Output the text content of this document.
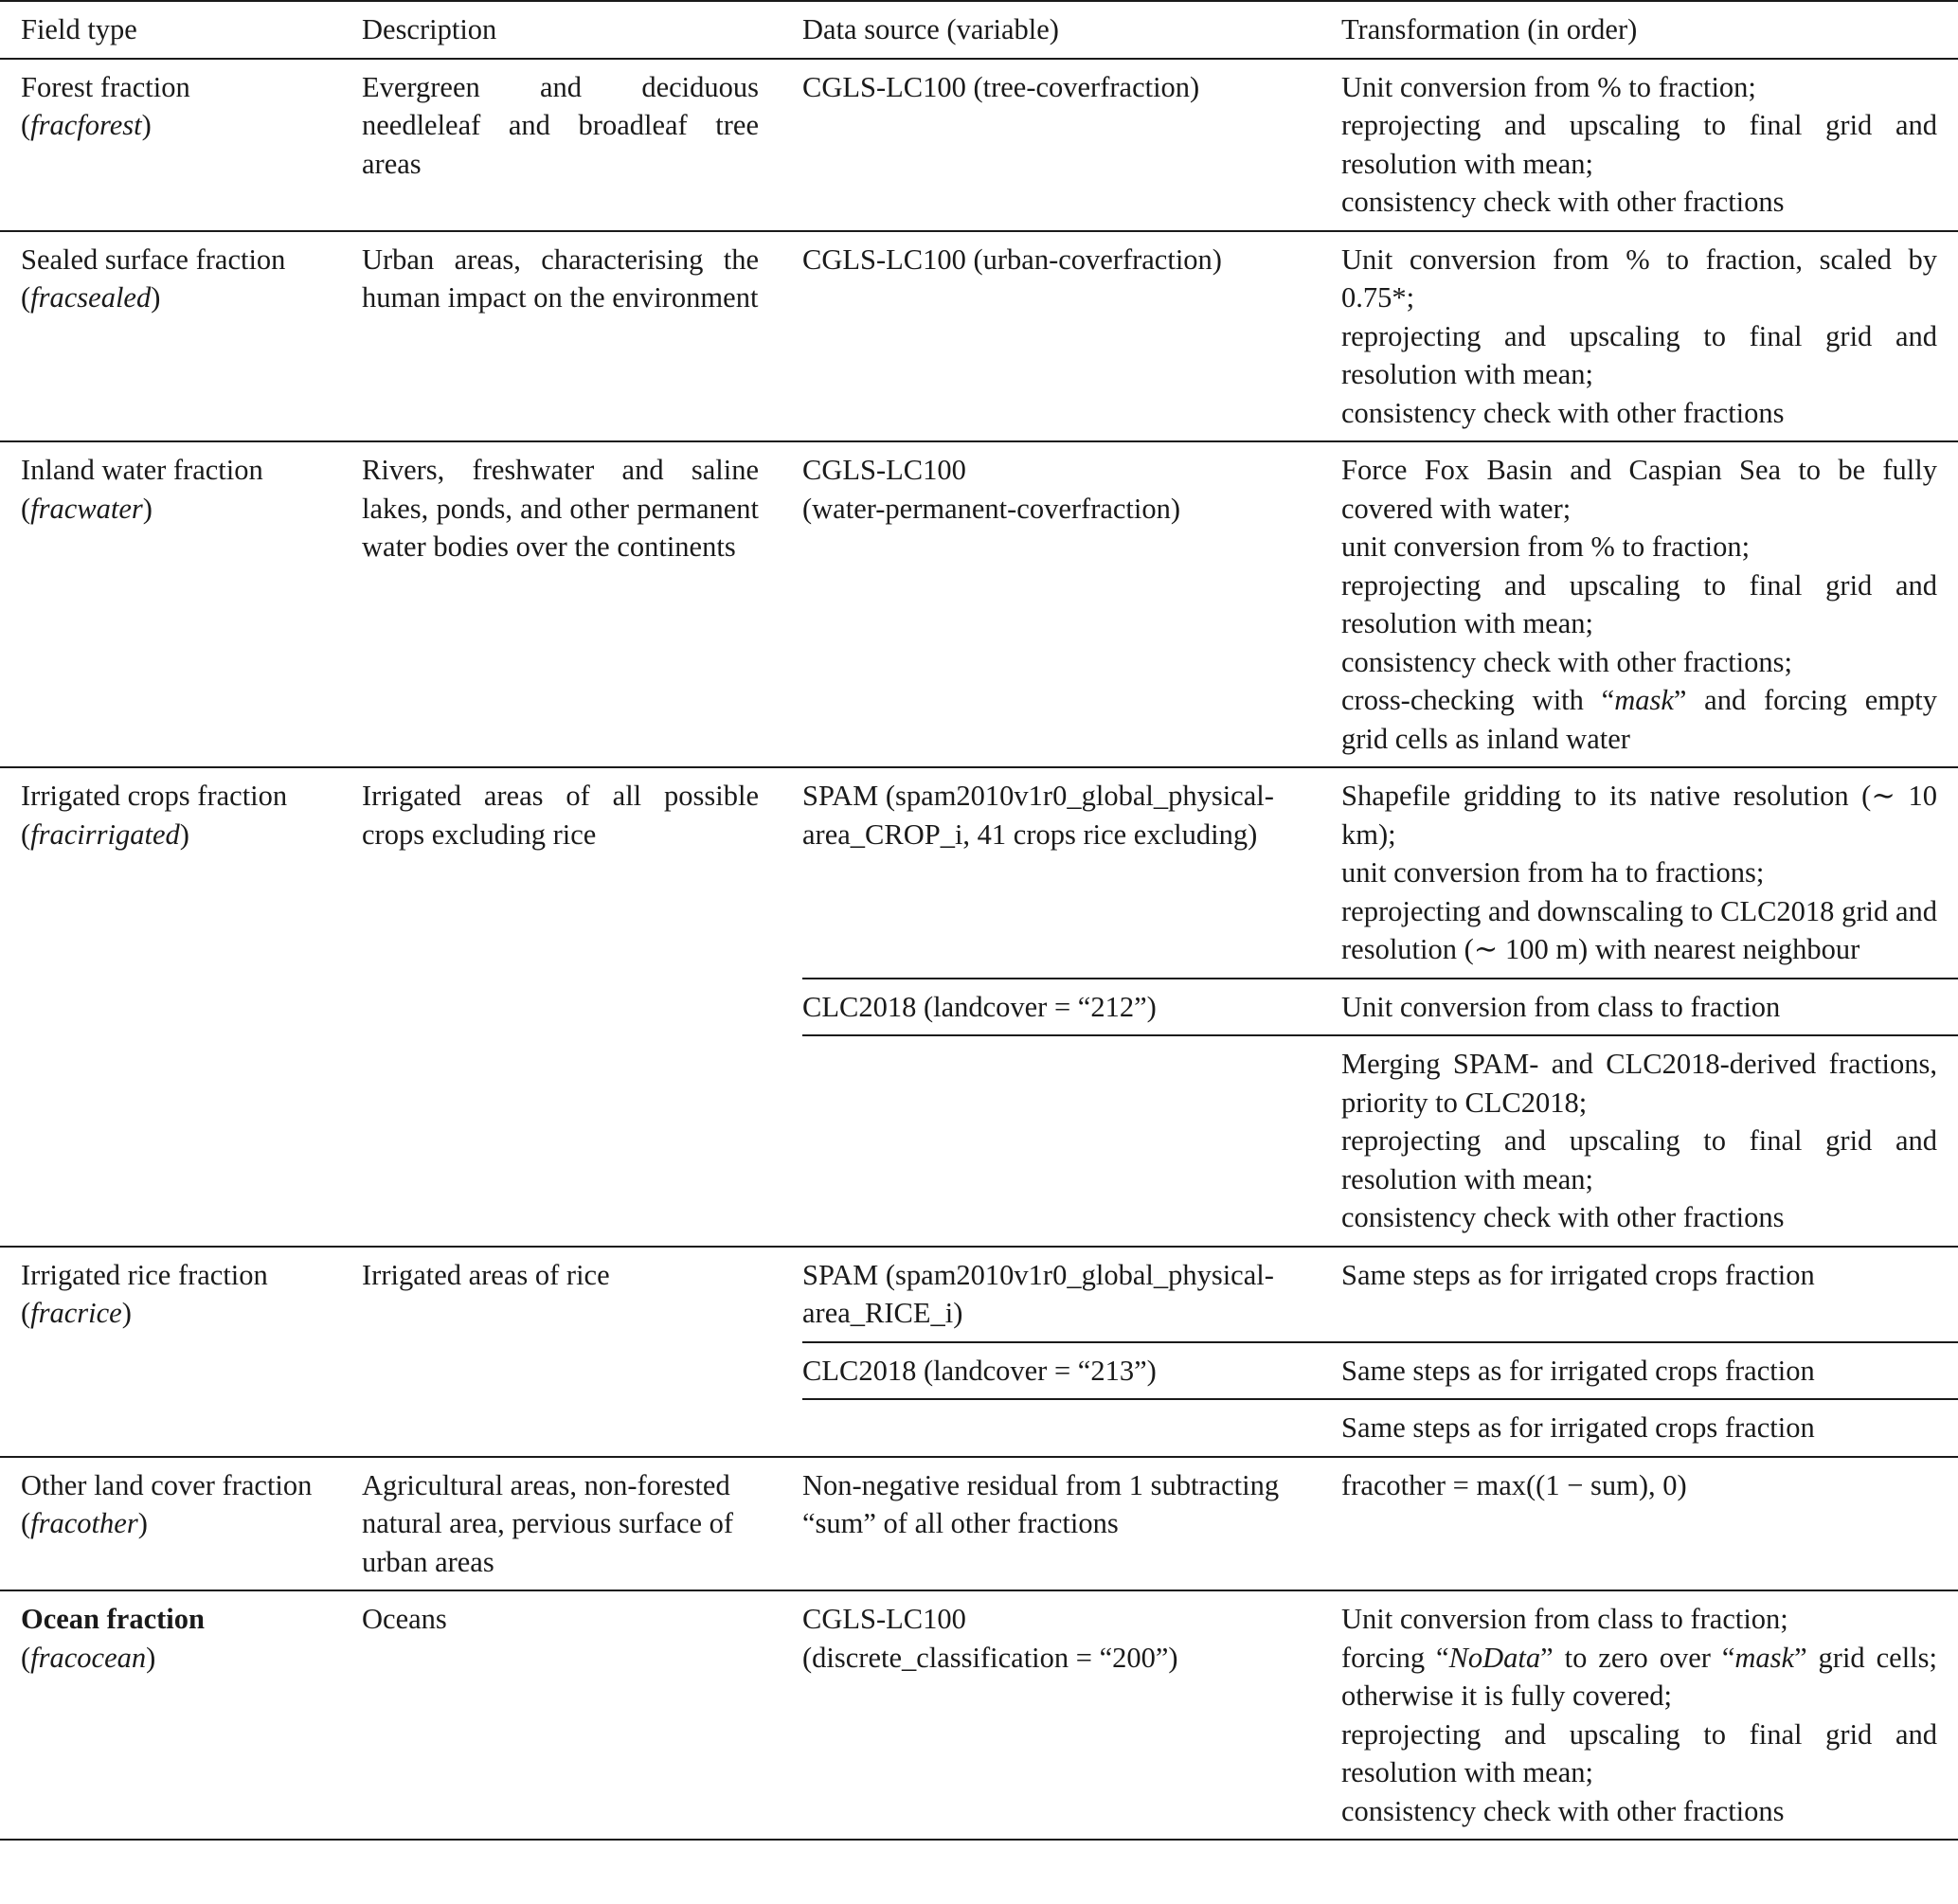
Field type	Description	Data source (variable)	Transformation (in order)

Forest fraction
(fracforest)	Evergreen and deciduous needleleaf and broadleaf tree areas	CGLS-LC100 (tree-coverfraction)	Unit conversion from % to fraction;
reprojecting and upscaling to final grid and resolution with mean;
consistency check with other fractions

Sealed surface fraction
(fracsealed)	Urban areas, characterising the human impact on the environment	CGLS-LC100 (urban-coverfraction)	Unit conversion from % to fraction, scaled by 0.75*;
reprojecting and upscaling to final grid and resolution with mean;
consistency check with other fractions

Inland water fraction
(fracwater)	Rivers, freshwater and saline lakes, ponds, and other permanent water bodies over the continents	CGLS-LC100
(water-permanent-coverfraction)	Force Fox Basin and Caspian Sea to be fully covered with water;
unit conversion from % to fraction;
reprojecting and upscaling to final grid and resolution with mean;
consistency check with other fractions;
cross-checking with “mask” and forcing empty grid cells as inland water

Irrigated crops fraction
(fracirrigated)	Irrigated areas of all possible crops excluding rice	SPAM (spam2010v1r0_global_physical-area_CROP_i, 41 crops rice excluding)	Shapefile gridding to its native resolution (∼ 10 km);
unit conversion from ha to fractions;
reprojecting and downscaling to CLC2018 grid and resolution (∼ 100 m) with nearest neighbour

		CLC2018 (landcover = “212”)	Unit conversion from class to fraction

			Merging SPAM- and CLC2018-derived fractions, priority to CLC2018;
reprojecting and upscaling to final grid and resolution with mean;
consistency check with other fractions

Irrigated rice fraction
(fracrice)	Irrigated areas of rice	SPAM (spam2010v1r0_global_physical-area_RICE_i)	Same steps as for irrigated crops fraction
		CLC2018 (landcover = “213”)	Same steps as for irrigated crops fraction
			Same steps as for irrigated crops fraction

Other land cover fraction
(fracother)	Agricultural areas, non-forested natural area, pervious surface of urban areas	Non-negative residual from 1 subtracting “sum” of all other fractions	fracother = max((1 − sum), 0)

Ocean fraction
(fracocean)	Oceans	CGLS-LC100
(discrete_classification = “200”)	Unit conversion from class to fraction;
forcing “NoData” to zero over “mask” grid cells; otherwise it is fully covered;
reprojecting and upscaling to final grid and resolution with mean;
consistency check with other fractions
